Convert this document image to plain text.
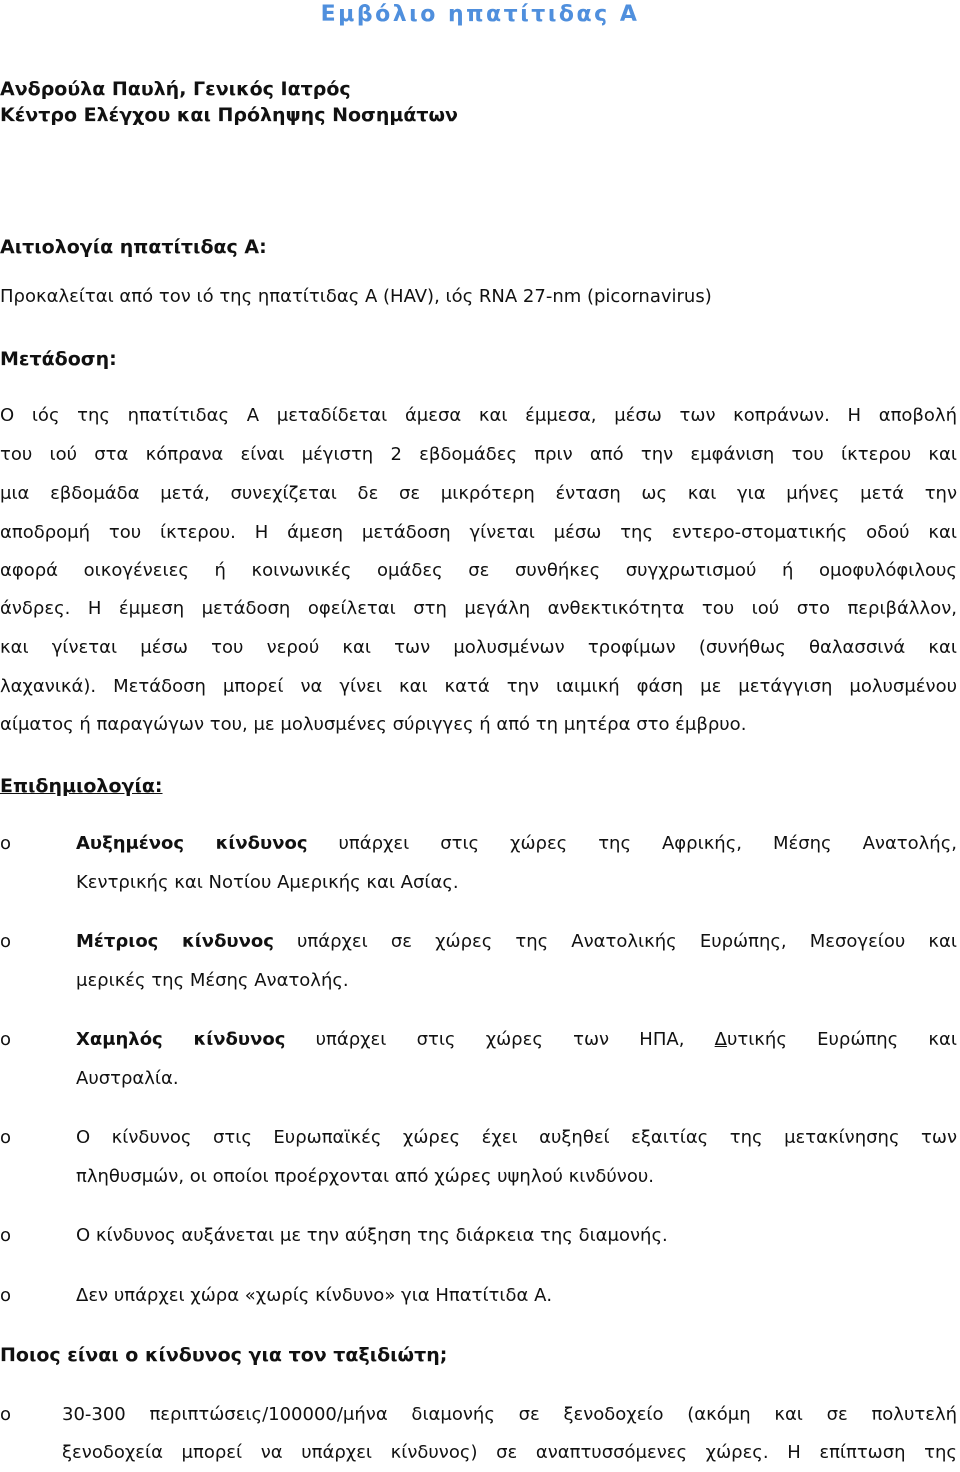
Εμβόλιο ηπατίτιδας Α
Ανδρούλα Παυλή, Γενικός Ιατρός
Κέντρο Ελέγχου και Πρόληψης Νοσημάτων
Αιτιολογία ηπατίτιδας Α:
Προκαλείται από τον ιό της ηπατίτιδας Α (HAV), ιός RNA 27-nm (picornavirus)
Μετάδοση:
Ο ιός της ηπατίτιδας Α μεταδίδεται άμεσα και έμμεσα, μέσω των κοπράνων. Η αποβολή
του ιού στα κόπρανα είναι μέγιστη 2 εβδομάδες πριν από την εμφάνιση του ίκτερου και
μια εβδομάδα μετά, συνεχίζεται δε σε μικρότερη ένταση ως και για μήνες μετά την
αποδρομή του ίκτερου. Η άμεση μετάδοση γίνεται μέσω της εντερο-στοματικής οδού και
αφορά οικογένειες ή κοινωνικές ομάδες σε συνθήκες συγχρωτισμού ή ομοφυλόφιλους
άνδρες. Η έμμεση μετάδοση οφείλεται στη μεγάλη ανθεκτικότητα του ιού στο περιβάλλον,
και γίνεται μέσω του νερού και των μολυσμένων τροφίμων (συνήθως θαλασσινά και
λαχανικά). Μετάδοση μπορεί να γίνει και κατά την ιαιμική φάση με μετάγγιση μολυσμένου
αίματος ή παραγώγων του, με μολυσμένες σύριγγες ή από τη μητέρα στο έμβρυο.
Επιδημιολογία:
o	Αυξημένος κίνδυνος υπάρχει στις χώρες της Αφρικής, Μέσης Ανατολής,
Κεντρικής και Νοτίου Αμερικής και Ασίας.
o	Μέτριος κίνδυνος υπάρχει σε χώρες της Ανατολικής Ευρώπης, Μεσογείου και
μερικές της Μέσης Ανατολής.
o	Χαμηλός κίνδυνος υπάρχει στις χώρες των ΗΠΑ, Δυτικής Ευρώπης και
Αυστραλία.
o	Ο κίνδυνος στις Ευρωπαϊκές χώρες έχει αυξηθεί εξαιτίας της μετακίνησης των
πληθυσμών, οι οποίοι προέρχονται από χώρες υψηλού κινδύνου.
o	Ο κίνδυνος αυξάνεται με την αύξηση της διάρκεια της διαμονής.
o	Δεν υπάρχει χώρα «χωρίς κίνδυνο» για Ηπατίτιδα Α.
Ποιος είναι ο κίνδυνος για τον ταξιδιώτη;
o	30-300 περιπτώσεις/100000/μήνα διαμονής σε ξενοδοχείο (ακόμη και σε πολυτελή
ξενοδοχεία μπορεί να υπάρχει κίνδυνος) σε αναπτυσσόμενες χώρες. Η επίπτωση της
